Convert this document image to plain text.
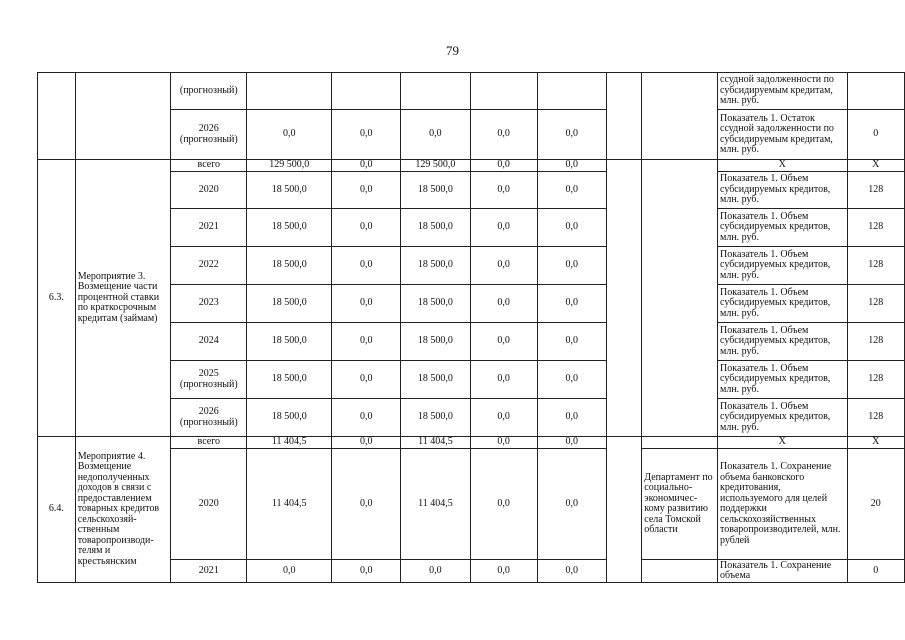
79
		(прогнозный)								ссудной задолженности по субсидируемым кредитам, млн. руб.	
		2026 (прогнозный)	0,0	0,0	0,0	0,0	0,0			Показатель 1. Остаток ссудной задолженности по субсидируемым кредитам, млн. руб.	0
6.3.	Мероприятие 3. Возмещение части процентной ставки по краткосрочным кредитам (займам)	всего	129 500,0	0,0	129 500,0	0,0	0,0			X	X
		2020	18 500,0	0,0	18 500,0	0,0	0,0			Показатель 1. Объем субсидируемых кредитов, млн. руб.	128
		2021	18 500,0	0,0	18 500,0	0,0	0,0			Показатель 1. Объем субсидируемых кредитов, млн. руб.	128
		2022	18 500,0	0,0	18 500,0	0,0	0,0			Показатель 1. Объем субсидируемых кредитов, млн. руб.	128
		2023	18 500,0	0,0	18 500,0	0,0	0,0			Показатель 1. Объем субсидируемых кредитов, млн. руб.	128
		2024	18 500,0	0,0	18 500,0	0,0	0,0			Показатель 1. Объем субсидируемых кредитов, млн. руб.	128
		2025 (прогнозный)	18 500,0	0,0	18 500,0	0,0	0,0			Показатель 1. Объем субсидируемых кредитов, млн. руб.	128
		2026 (прогнозный)	18 500,0	0,0	18 500,0	0,0	0,0			Показатель 1. Объем субсидируемых кредитов, млн. руб.	128
6.4.	Мероприятие 4. Возмещение недополученных доходов в связи с предоставлением товарных кредитов сельскохозяй-ственным товаропроизводи-телям и крестьянским	всего	11 404,5	0,0	11 404,5	0,0	0,0			X	X
		2020	11 404,5	0,0	11 404,5	0,0	0,0		Департамент по социально-экономичес-кому развитию села Томской области	Показатель 1. Сохранение объема банковского кредитования, используемого для целей поддержки сельскохозяйственных товаропроизводителей, млн. рублей	20
		2021	0,0	0,0	0,0	0,0	0,0			Показатель 1. Сохранение объема	0
